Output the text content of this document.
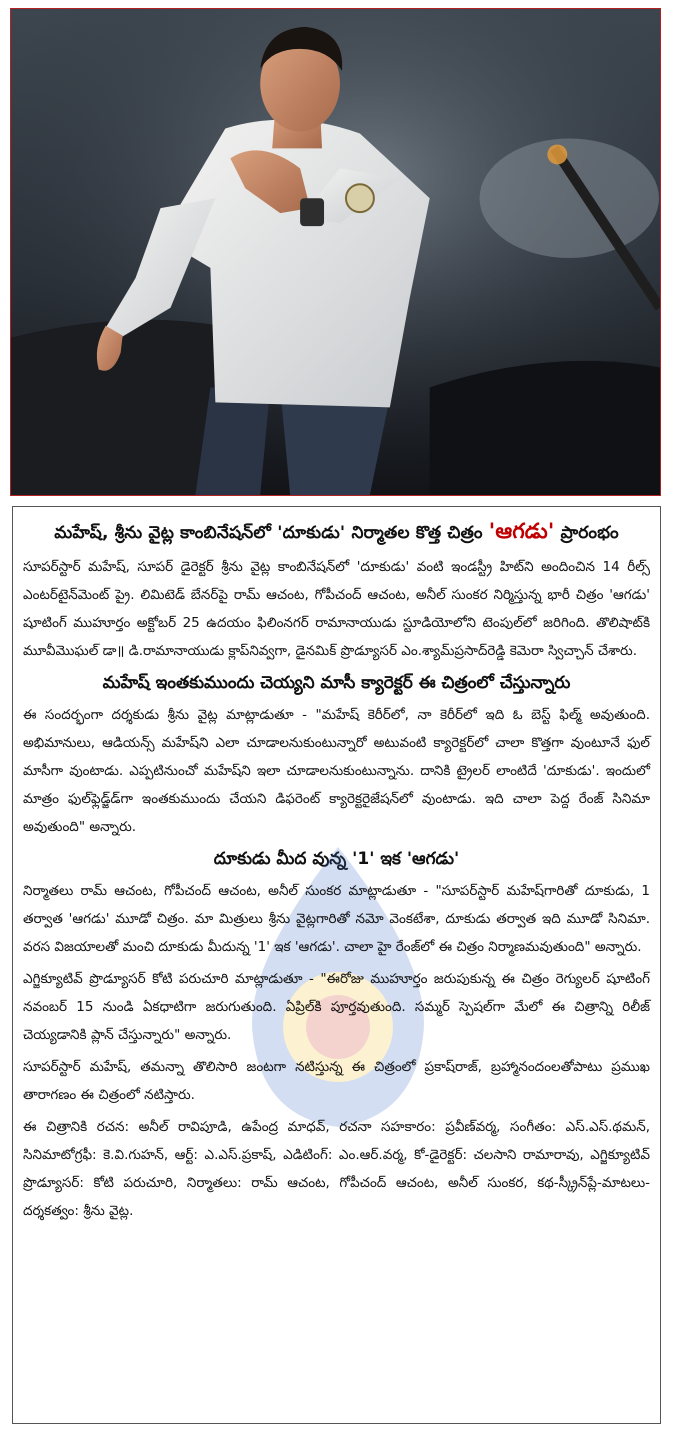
మహేష్, శ్రీను వైట్ల కాంబినేషన్‌లో 'దూకుడు' నిర్మాతల కొత్త చిత్రం 'ఆగడు' ప్రారంభం

సూపర్‌స్టార్ మహేష్, సూపర్ డైరెక్టర్ శ్రీను వైట్ల కాంబినేషన్‌లో 'దూకుడు' వంటి ఇండస్ట్రీ హిట్‌ని అందించిన 14 రీల్స్ ఎంటర్‌టైన్‌మెంట్ ప్రై. లిమిటెడ్ బేనర్‌పై రామ్ ఆచంట, గోపీచంద్ ఆచంట, అనీల్ సుంకర నిర్మిస్తున్న భారీ చిత్రం 'ఆగడు' షూటింగ్ ముహూర్తం అక్టోబర్ 25 ఉదయం ఫిలింనగర్ రామానాయుడు స్టూడియోలోని టెంపుల్‌లో జరిగింది. తొలిషాట్‌కి మూవీమొఘల్ డా॥ డి.రామానాయుడు క్లాప్‌నివ్వగా, డైనమిక్ ప్రొడ్యూసర్ ఎం.శ్యామ్‌ప్రసాద్‌రెడ్డి కెమెరా స్విచ్చాన్ చేశారు.

మహేష్ ఇంతకుముందు చెయ్యని మాసీ క్యారెక్టర్ ఈ చిత్రంలో చేస్తున్నారు

ఈ సందర్భంగా దర్శకుడు శ్రీను వైట్ల మాట్లాడుతూ - "మహేష్ కెరీర్‌లో, నా కెరీర్‌లో ఇది ఓ బెస్ట్ ఫిల్మ్ అవుతుంది. అభిమానులు, ఆడియన్స్ మహేష్‌ని ఎలా చూడాలనుకుంటున్నారో అటువంటి క్యారెక్టర్‌లో చాలా కొత్తగా వుంటూనే ఫుల్ మాసీగా వుంటాడు. ఎప్పటినుంచో మహేష్‌ని ఇలా చూడాలనుకుంటున్నాను. దానికి ట్రైలర్ లాంటిదే 'దూకుడు'. ఇందులో మాత్రం ఫుల్‌ఫ్లెడ్జ్‌డ్‌గా ఇంతకుముందు చేయని డిఫరెంట్ క్యారెక్టరైజేషన్‌లో వుంటాడు. ఇది చాలా పెద్ద రేంజ్ సినిమా అవుతుంది" అన్నారు.

దూకుడు మీద వున్న '1' ఇక 'ఆగడు'

నిర్మాతలు రామ్ ఆచంట, గోపీచంద్ ఆచంట, అనీల్ సుంకర మాట్లాడుతూ - "సూపర్‌స్టార్ మహేష్‌గారితో దూకుడు, 1 తర్వాత 'ఆగడు' మూడో చిత్రం. మా మిత్రులు శ్రీను వైట్లగారితో నమో వెంకటేశా, దూకుడు తర్వాత ఇది మూడో సినిమా. వరస విజయాలతో మంచి దూకుడు మీదున్న '1' ఇక 'ఆగడు'. చాలా హై రేంజ్‌లో ఈ చిత్రం నిర్మాణమవుతుంది" అన్నారు.

ఎగ్జిక్యూటివ్ ప్రొడ్యూసర్ కోటి పరుచూరి మాట్లాడుతూ - "ఈరోజు ముహూర్తం జరుపుకున్న ఈ చిత్రం రెగ్యులర్ షూటింగ్ నవంబర్ 15 నుండి ఏకధాటిగా జరుగుతుంది. ఏప్రిల్‌కి పూర్తవుతుంది. సమ్మర్ స్పెషల్‌గా మేలో ఈ చిత్రాన్ని రిలీజ్ చెయ్యడానికి ప్లాన్ చేస్తున్నారు" అన్నారు.

సూపర్‌స్టార్ మహేష్, తమన్నా తొలిసారి జంటగా నటిస్తున్న ఈ చిత్రంలో ప్రకాష్‌రాజ్, బ్రహ్మానందంలతోపాటు ప్రముఖ తారాగణం ఈ చిత్రంలో నటిస్తారు.

ఈ చిత్రానికి రచన: అనీల్ రావిపూడి, ఉపేంద్ర మాధవ్, రచనా సహకారం: ప్రవీణ్‌వర్మ, సంగీతం: ఎస్.ఎస్.థమన్, సినిమాటోగ్రఫీ: కె.వి.గుహన్, ఆర్ట్: ఎ.ఎస్.ప్రకాష్, ఎడిటింగ్: ఎం.ఆర్.వర్మ, కో-డైరెక్టర్: చలసాని రామారావు, ఎగ్జిక్యూటివ్ ప్రొడ్యూసర్: కోటి పరుచూరి, నిర్మాతలు: రామ్ ఆచంట, గోపీచంద్ ఆచంట, అనీల్ సుంకర, కథ-స్క్రీన్‌ప్లే-మాటలు-దర్శకత్వం: శ్రీను వైట్ల.
